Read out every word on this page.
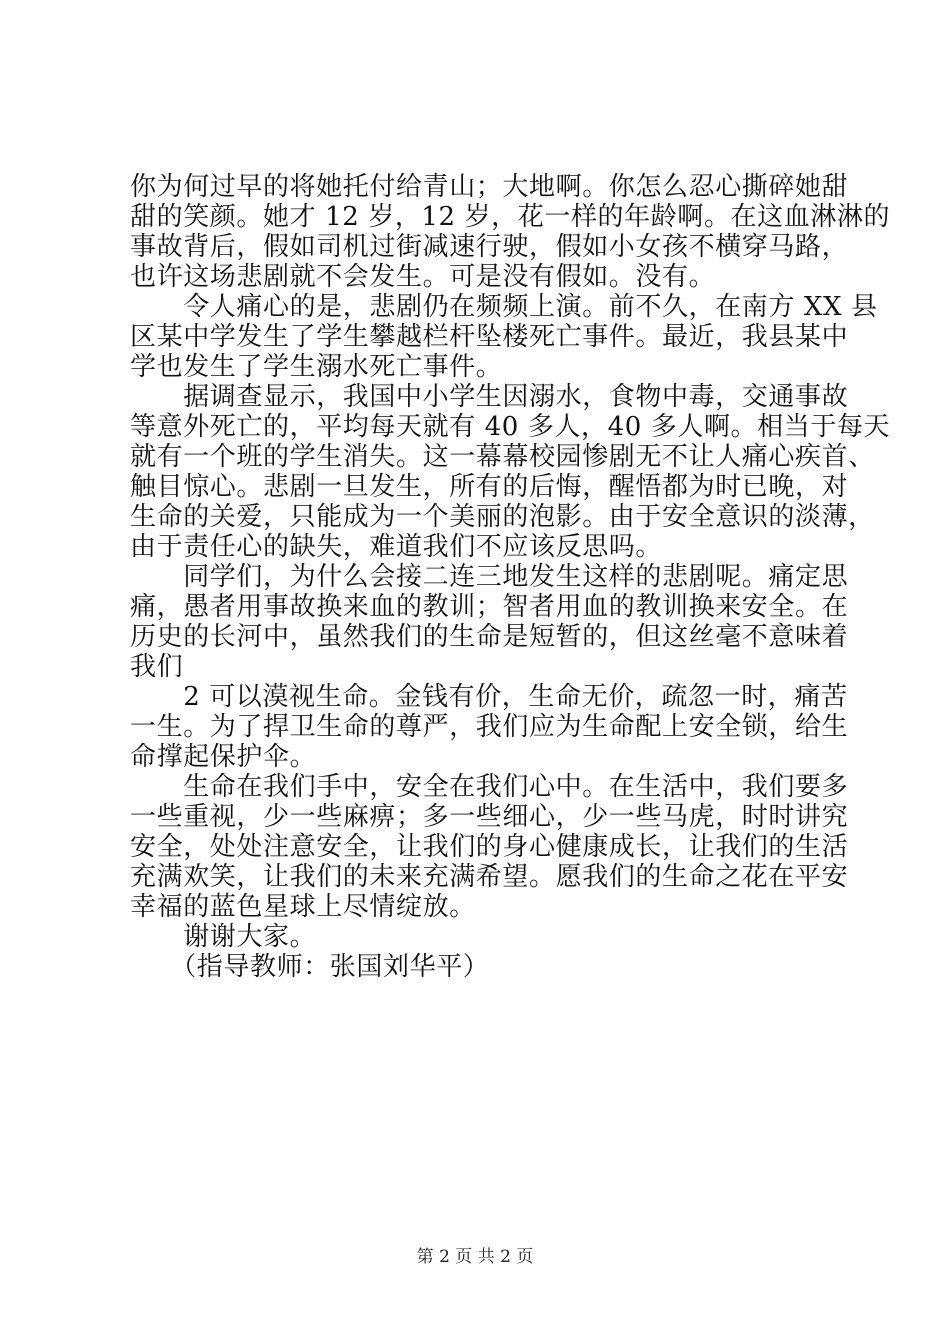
你为何过早的将她托付给青山；大地啊。你怎么忍心撕碎她甜
甜的笑颜。她才 12 岁，12 岁，花一样的年龄啊。在这血淋淋的
事故背后，假如司机过街减速行驶，假如小女孩不横穿马路，
也许这场悲剧就不会发生。可是没有假如。没有。
　　令人痛心的是，悲剧仍在频频上演。前不久，在南方 XX 县
区某中学发生了学生攀越栏杆坠楼死亡事件。最近，我县某中
学也发生了学生溺水死亡事件。
　　据调查显示，我国中小学生因溺水，食物中毒，交通事故
等意外死亡的，平均每天就有 40 多人，40 多人啊。相当于每天
就有一个班的学生消失。这一幕幕校园惨剧无不让人痛心疾首、
触目惊心。悲剧一旦发生，所有的后悔，醒悟都为时已晚，对
生命的关爱，只能成为一个美丽的泡影。由于安全意识的淡薄，
由于责任心的缺失，难道我们不应该反思吗。
　　同学们，为什么会接二连三地发生这样的悲剧呢。痛定思
痛，愚者用事故换来血的教训；智者用血的教训换来安全。在
历史的长河中，虽然我们的生命是短暂的，但这丝毫不意味着
我们
　　2 可以漠视生命。金钱有价，生命无价，疏忽一时，痛苦
一生。为了捍卫生命的尊严，我们应为生命配上安全锁，给生
命撑起保护伞。
　　生命在我们手中，安全在我们心中。在生活中，我们要多
一些重视，少一些麻痹；多一些细心，少一些马虎，时时讲究
安全，处处注意安全，让我们的身心健康成长，让我们的生活
充满欢笑，让我们的未来充满希望。愿我们的生命之花在平安
幸福的蓝色星球上尽情绽放。
　　谢谢大家。
　　（指导教师：张国刘华平）
第 2 页 共 2 页
